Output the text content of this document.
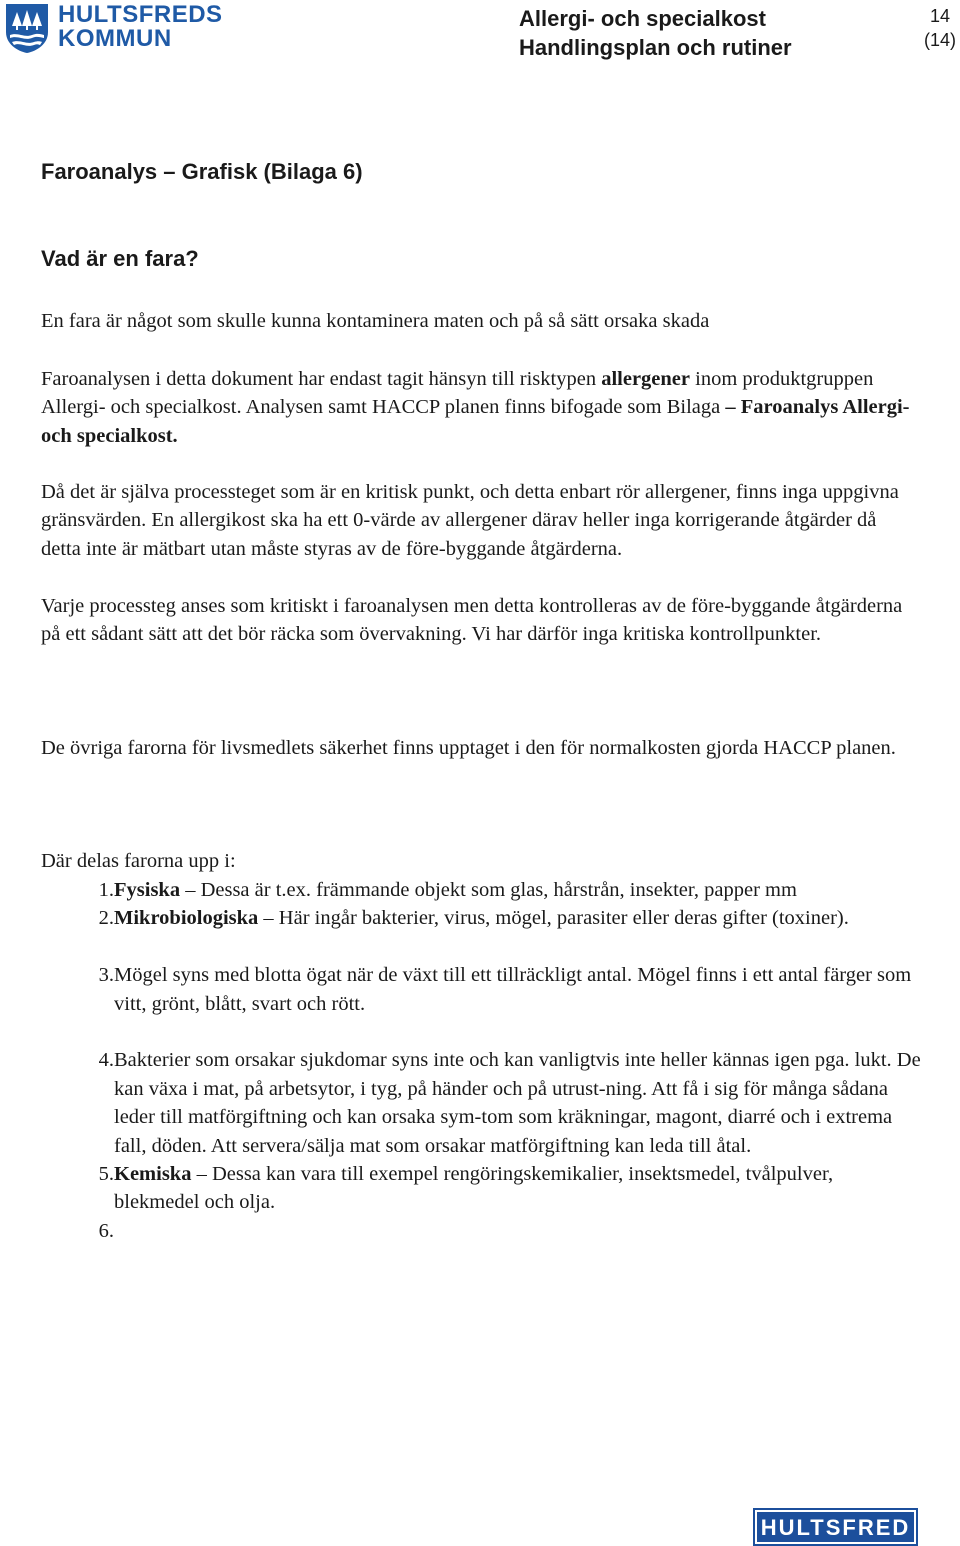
HULTSFREDS
KOMMUN
Allergi- och specialkost
Handlingsplan och rutiner
14
(14)
Faroanalys – Grafisk (Bilaga 6)
Vad är en fara?

En fara är något som skulle kunna kontaminera maten och på så sätt orsaka skada

Faroanalysen i detta dokument har endast tagit hänsyn till risktypen allergener inom produktgruppen Allergi- och specialkost. Analysen samt HACCP planen finns bifogade som Bilaga – Faroanalys Allergi- och specialkost.

Då det är själva processteget som är en kritisk punkt, och detta enbart rör allergener, finns inga uppgivna gränsvärden. En allergikost ska ha ett 0-värde av allergener därav heller inga korrigerande åtgärder då detta inte är mätbart utan måste styras av de före-byggande åtgärderna.

Varje processteg anses som kritiskt i faroanalysen men detta kontrolleras av de före-byggande åtgärderna på ett sådant sätt att det bör räcka som övervakning. Vi har därför inga kritiska kontrollpunkter.

De övriga farorna för livsmedlets säkerhet finns upptaget i den för normalkosten gjorda HACCP planen.

Där delas farorna upp i:

1. Fysiska – Dessa är t.ex. främmande objekt som glas, hårstrån, insekter, papper mm
2. Mikrobiologiska – Här ingår bakterier, virus, mögel, parasiter eller deras gifter (toxiner).
3. Mögel syns med blotta ögat när de växt till ett tillräckligt antal. Mögel finns i ett antal färger som vitt, grönt, blått, svart och rött.
4. Bakterier som orsakar sjukdomar syns inte och kan vanligtvis inte heller kännas igen pga. lukt. De kan växa i mat, på arbetsytor, i tyg, på händer och på utrust-ning. Att få i sig för många sådana leder till matförgiftning och kan orsaka sym-tom som kräkningar, magont, diarré och i extrema fall, döden. Att servera/sälja mat som orsakar matförgiftning kan leda till åtal.
5. Kemiska – Dessa kan vara till exempel rengöringskemikalier, insektsmedel, tvålpulver, blekmedel och olja.
6.
HULTSFRED
